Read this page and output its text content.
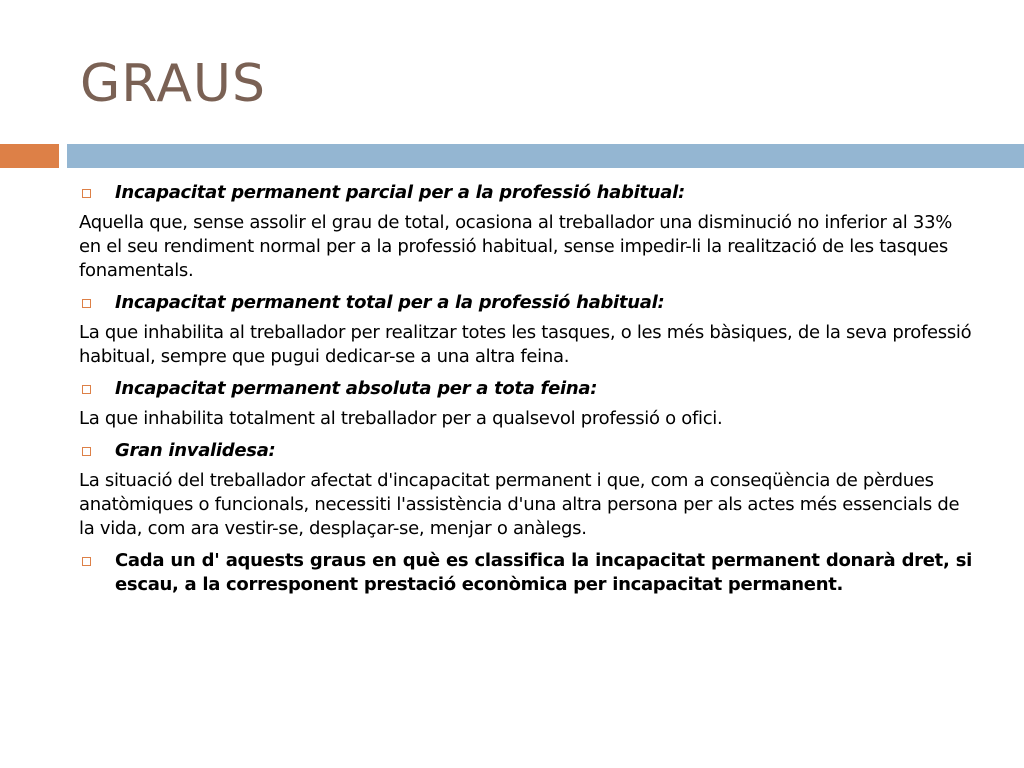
GRAUS
Incapacitat permanent parcial per a la professió habitual:

Aquella que, sense assolir el grau de total, ocasiona al treballador una disminució no inferior al 33% en el seu rendiment normal per a la professió habitual, sense impedir-li la realització de les tasques fonamentals.

Incapacitat permanent total per a la professió habitual:

La que inhabilita al treballador per realitzar totes les tasques, o les més bàsiques, de la seva professió habitual, sempre que pugui dedicar-se a una altra feina.

Incapacitat permanent absoluta per a tota feina:

La que inhabilita totalment al treballador per a qualsevol professió o ofici.

Gran invalidesa:

La situació del treballador afectat d'incapacitat permanent i que, com a conseqüència de pèrdues anatòmiques o funcionals, necessiti l'assistència d'una altra persona per als actes més essencials de la vida, com ara vestir-se, desplaçar-se, menjar o anàlegs.

Cada un d' aquests graus en què es classifica la incapacitat permanent donarà dret, si escau, a la corresponent prestació econòmica per incapacitat permanent.
